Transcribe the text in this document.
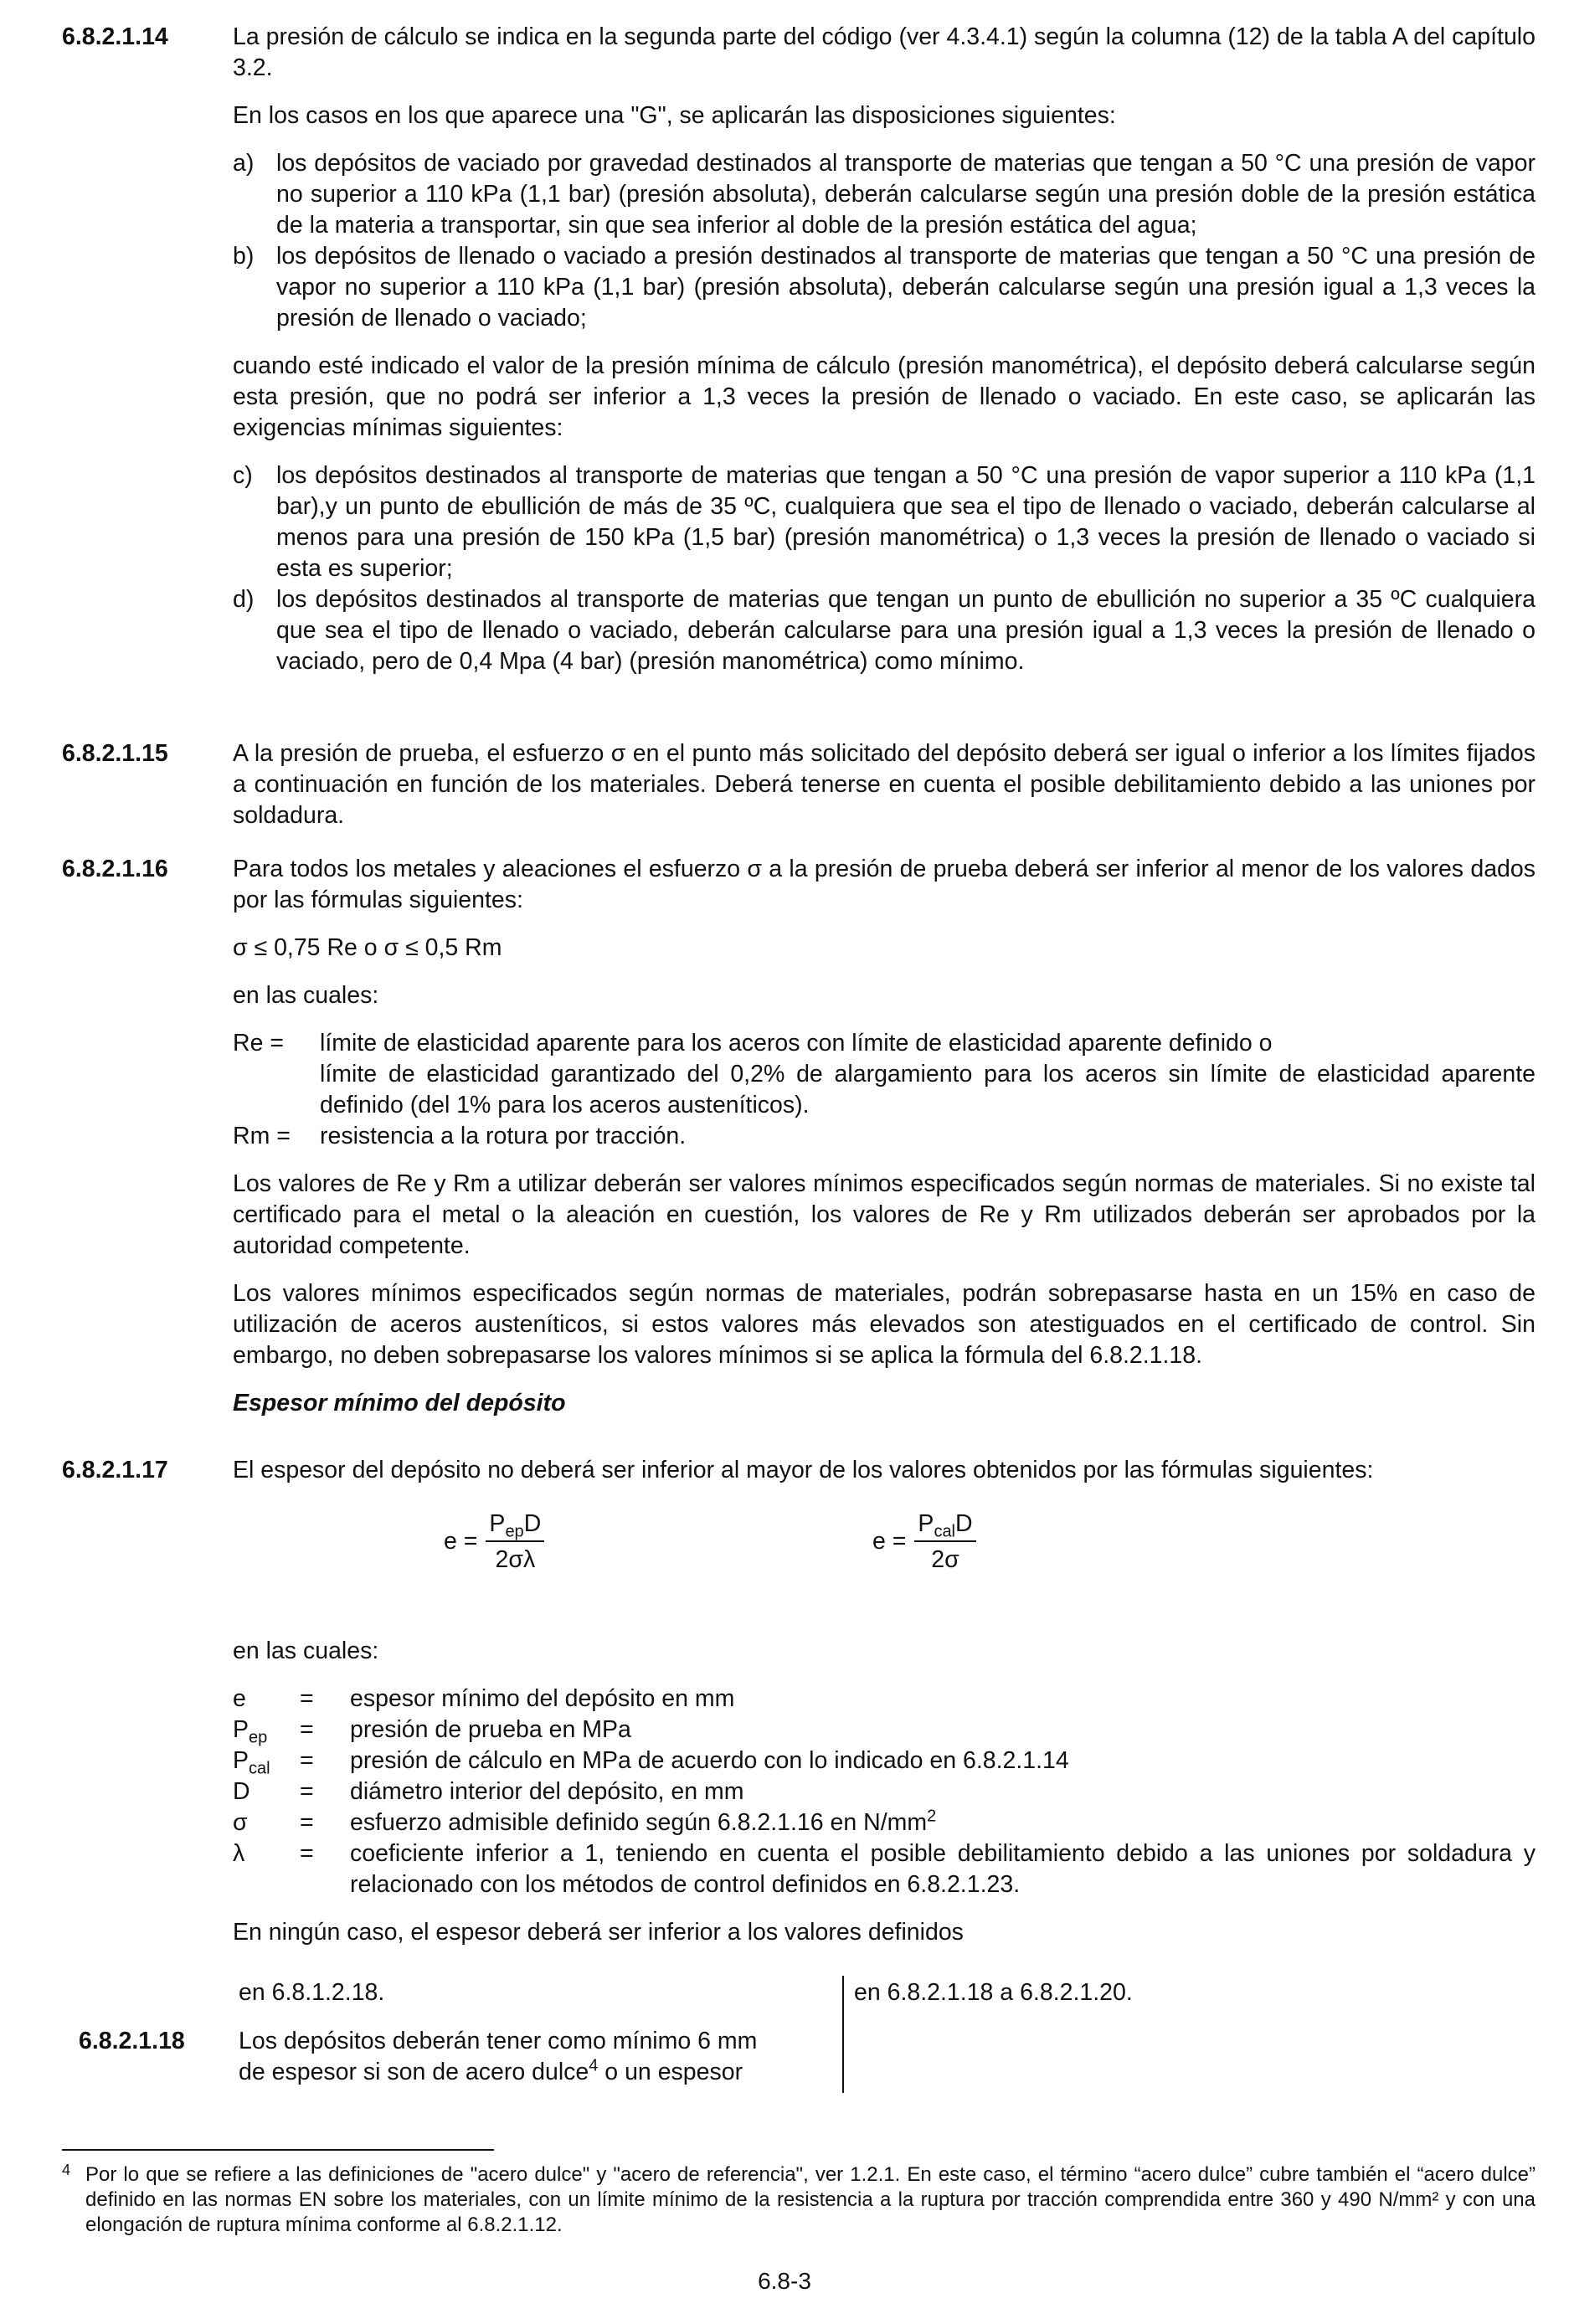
6.8.2.1.14	La presión de cálculo se indica en la segunda parte del código (ver 4.3.4.1) según la columna (12) de la tabla A del capítulo 3.2.

En los casos en los que aparece una "G", se aplicarán las disposiciones siguientes:

a) los depósitos de vaciado por gravedad destinados al transporte de materias que tengan a 50 °C una presión de vapor no superior a 110 kPa (1,1 bar) (presión absoluta), deberán calcularse según una presión doble de la presión estática de la materia a transportar, sin que sea inferior al doble de la presión estática del agua;
b) los depósitos de llenado o vaciado a presión destinados al transporte de materias que tengan a 50 °C una presión de vapor no superior a 110 kPa (1,1 bar) (presión absoluta), deberán calcularse según una presión igual a 1,3 veces la presión de llenado o vaciado;

cuando esté indicado el valor de la presión mínima de cálculo (presión manométrica), el depósito deberá calcularse según esta presión, que no podrá ser inferior a 1,3 veces la presión de llenado o vaciado. En este caso, se aplicarán las exigencias mínimas siguientes:

c) los depósitos destinados al transporte de materias que tengan a 50 °C una presión de vapor superior a 110 kPa (1,1 bar),y un punto de ebullición de más de 35 ºC, cualquiera que sea el tipo de llenado o vaciado, deberán calcularse al menos para una presión de 150 kPa (1,5 bar) (presión manométrica) o 1,3 veces la presión de llenado o vaciado si esta es superior;
d) los depósitos destinados al transporte de materias que tengan un punto de ebullición no superior a 35 ºC cualquiera que sea el tipo de llenado o vaciado, deberán calcularse para una presión igual a 1,3 veces la presión de llenado o vaciado, pero de 0,4 Mpa (4 bar) (presión manométrica) como mínimo.
6.8.2.1.15	A la presión de prueba, el esfuerzo σ en el punto más solicitado del depósito deberá ser igual o inferior a los límites fijados a continuación en función de los materiales. Deberá tenerse en cuenta el posible debilitamiento debido a las uniones por soldadura.

6.8.2.1.16	Para todos los metales y aleaciones el esfuerzo σ a la presión de prueba deberá ser inferior al menor de los valores dados por las fórmulas siguientes:

σ ≤ 0,75 Re o σ ≤ 0,5 Rm

en las cuales:

Re =	límite de elasticidad aparente para los aceros con límite de elasticidad aparente definido o
límite de elasticidad garantizado del 0,2% de alargamiento para los aceros sin límite de elasticidad aparente definido (del 1% para los aceros austeníticos).
Rm =	resistencia a la rotura por tracción.

Los valores de Re y Rm a utilizar deberán ser valores mínimos especificados según normas de materiales. Si no existe tal certificado para el metal o la aleación en cuestión, los valores de Re y Rm utilizados deberán ser aprobados por la autoridad competente.

Los valores mínimos especificados según normas de materiales, podrán sobrepasarse hasta en un 15% en caso de utilización de aceros austeníticos, si estos valores más elevados son atestiguados en el certificado de control. Sin embargo, no deben sobrepasarse los valores mínimos si se aplica la fórmula del 6.8.2.1.18.

Espesor mínimo del depósito
6.8.2.1.17	El espesor del depósito no deberá ser inferior al mayor de los valores obtenidos por las fórmulas siguientes:

$e = \frac{P_{ep}D}{2\sigma\lambda}$	$e = \frac{P_{cal}D}{2\sigma}$

en las cuales:

e	=	espesor mínimo del depósito en mm
$P_{ep}$	=	presión de prueba en MPa
$P_{cal}$	=	presión de cálculo en MPa de acuerdo con lo indicado en 6.8.2.1.14
D	=	diámetro interior del depósito, en mm
σ	=	esfuerzo admisible definido según 6.8.2.1.16 en $N/mm^2$
λ	=	coeficiente inferior a 1, teniendo en cuenta el posible debilitamiento debido a las uniones por soldadura y relacionado con los métodos de control definidos en 6.8.2.1.23.

En ningún caso, el espesor deberá ser inferior a los valores definidos

en 6.8.1.2.18.	en 6.8.2.1.18 a 6.8.2.1.20.
6.8.2.1.18 Los depósitos deberán tener como mínimo 6 mm
de espesor si son de acero dulce$^4$ o un espesor
4 Por lo que se refiere a las definiciones de "acero dulce" y "acero de referencia", ver 1.2.1. En este caso, el término “acero dulce” cubre también el “acero dulce” definido en las normas EN sobre los materiales, con un límite mínimo de la resistencia a la ruptura por tracción comprendida entre 360 y 490 N/mm² y con una elongación de ruptura mínima conforme al 6.8.2.1.12.
6.8-3
